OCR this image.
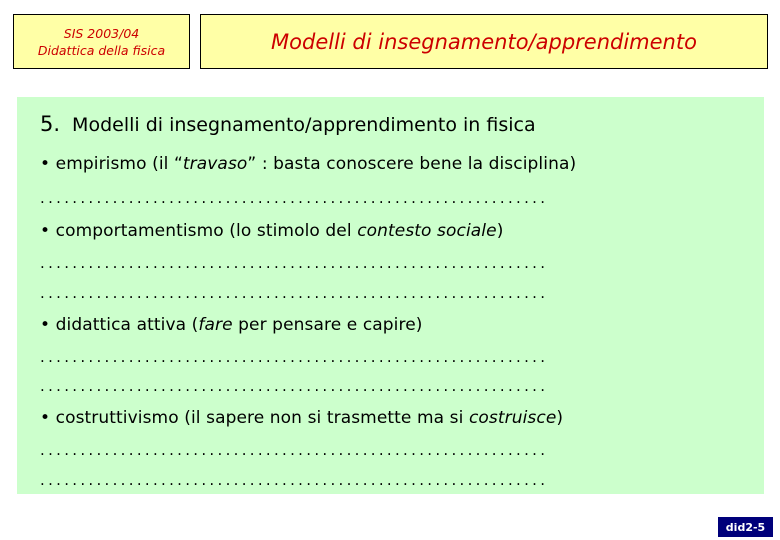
SIS 2003/04
Didattica della fisica	Modelli di insegnamento/apprendimento
5. Modelli di insegnamento/apprendimento in fisica
• empirismo (il “travaso” : basta conoscere bene la disciplina)
...............................................................
• comportamentismo (lo stimolo del contesto sociale)
...............................................................
...............................................................
• didattica attiva (fare per pensare e capire)
...............................................................
...............................................................
• costruttivismo (il sapere non si trasmette ma si costruisce)
...............................................................
...............................................................
did2-5
